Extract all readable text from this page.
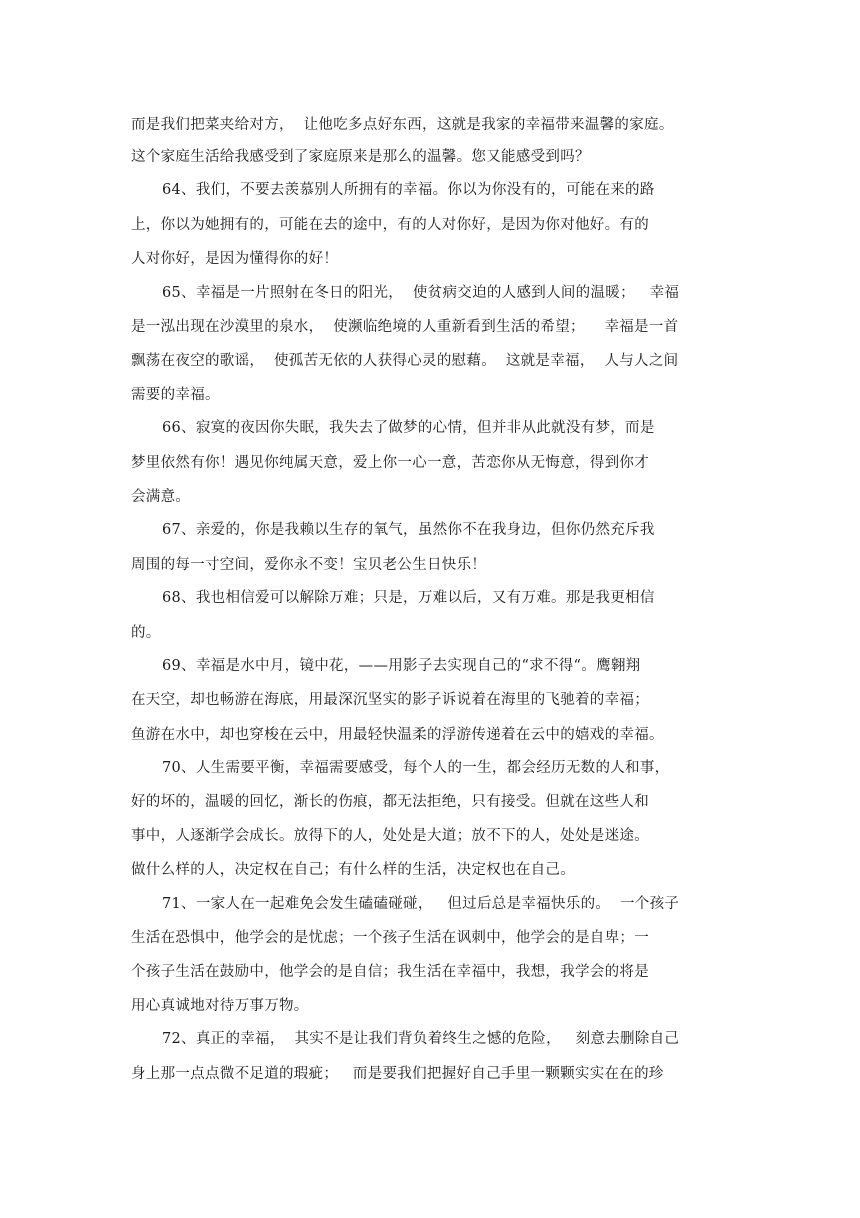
而是我们把菜夹给对方，  让他吃多点好东西，这就是我家的幸福带来温馨的家庭。
这个家庭生活给我感受到了家庭原来是那么的温馨。您又能感受到吗？
64、我们，不要去羡慕别人所拥有的幸福。你以为你没有的，可能在来的路
上，你以为她拥有的，可能在去的途中，有的人对你好，是因为你对他好。有的
人对你好，是因为懂得你的好！
65、幸福是一片照射在冬日的阳光，  使贫病交迫的人感到人间的温暖；   幸福
是一泓出现在沙漠里的泉水，  使濒临绝境的人重新看到生活的希望；    幸福是一首
飘荡在夜空的歌谣，  使孤苦无依的人获得心灵的慰藉。  这就是幸福，  人与人之间
需要的幸福。
66、寂寞的夜因你失眠，我失去了做梦的心情，但并非从此就没有梦，而是
梦里依然有你！遇见你纯属天意，爱上你一心一意，苦恋你从无悔意，得到你才
会满意。
67、亲爱的，你是我赖以生存的氧气，虽然你不在我身边，但你仍然充斥我
周围的每一寸空间，爱你永不变！宝贝老公生日快乐！
68、我也相信爱可以解除万难；只是，万难以后，又有万难。那是我更相信
的。
69、幸福是水中月，镜中花，——用影子去实现自己的“求不得“。鹰翱翔
在天空，却也畅游在海底，用最深沉坚实的影子诉说着在海里的飞驰着的幸福；
鱼游在水中，却也穿梭在云中，用最轻快温柔的浮游传递着在云中的嬉戏的幸福。
70、人生需要平衡，幸福需要感受，每个人的一生，都会经历无数的人和事，
好的坏的，温暖的回忆，渐长的伤痕，都无法拒绝，只有接受。但就在这些人和
事中，人逐渐学会成长。放得下的人，处处是大道；放不下的人，处处是迷途。
做什么样的人，决定权在自己；有什么样的生活，决定权也在自己。
71、一家人在一起难免会发生磕磕碰碰，   但过后总是幸福快乐的。  一个孩子
生活在恐惧中，他学会的是忧虑；一个孩子生活在讽刺中，他学会的是自卑；一
个孩子生活在鼓励中，他学会的是自信；我生活在幸福中，我想，我学会的将是
用心真诚地对待万事万物。
72、真正的幸福，  其实不是让我们背负着终生之憾的危险，   刻意去删除自己
身上那一点点微不足道的瑕疵；   而是要我们把握好自己手里一颗颗实实在在的珍
